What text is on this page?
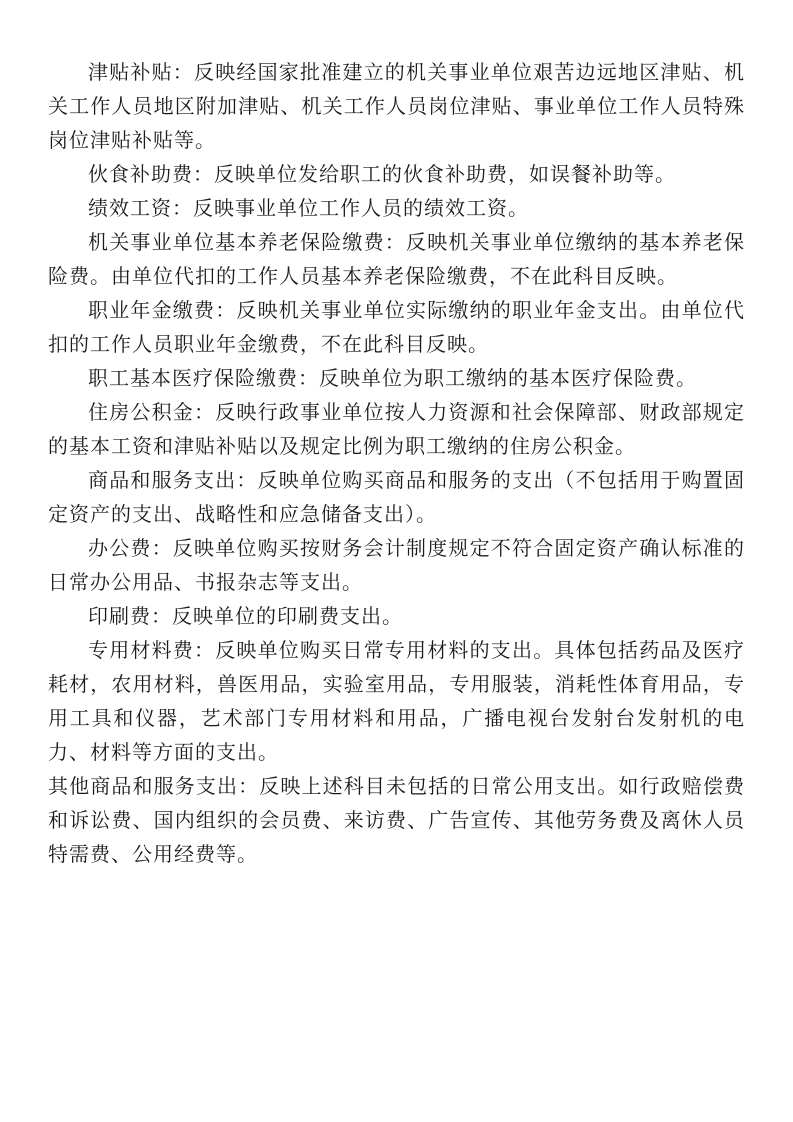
津贴补贴：反映经国家批准建立的机关事业单位艰苦边远地区津贴、机关工作人员地区附加津贴、机关工作人员岗位津贴、事业单位工作人员特殊岗位津贴补贴等。

伙食补助费：反映单位发给职工的伙食补助费，如误餐补助等。

绩效工资：反映事业单位工作人员的绩效工资。

机关事业单位基本养老保险缴费：反映机关事业单位缴纳的基本养老保险费。由单位代扣的工作人员基本养老保险缴费，不在此科目反映。

职业年金缴费：反映机关事业单位实际缴纳的职业年金支出。由单位代扣的工作人员职业年金缴费，不在此科目反映。

职工基本医疗保险缴费：反映单位为职工缴纳的基本医疗保险费。

住房公积金：反映行政事业单位按人力资源和社会保障部、财政部规定的基本工资和津贴补贴以及规定比例为职工缴纳的住房公积金。

商品和服务支出：反映单位购买商品和服务的支出（不包括用于购置固定资产的支出、战略性和应急储备支出）。

办公费：反映单位购买按财务会计制度规定不符合固定资产确认标准的日常办公用品、书报杂志等支出。

印刷费：反映单位的印刷费支出。

专用材料费：反映单位购买日常专用材料的支出。具体包括药品及医疗耗材，农用材料，兽医用品，实验室用品，专用服装，消耗性体育用品，专用工具和仪器，艺术部门专用材料和用品，广播电视台发射台发射机的电力、材料等方面的支出。

其他商品和服务支出：反映上述科目未包括的日常公用支出。如行政赔偿费和诉讼费、国内组织的会员费、来访费、广告宣传、其他劳务费及离休人员特需费、公用经费等。
